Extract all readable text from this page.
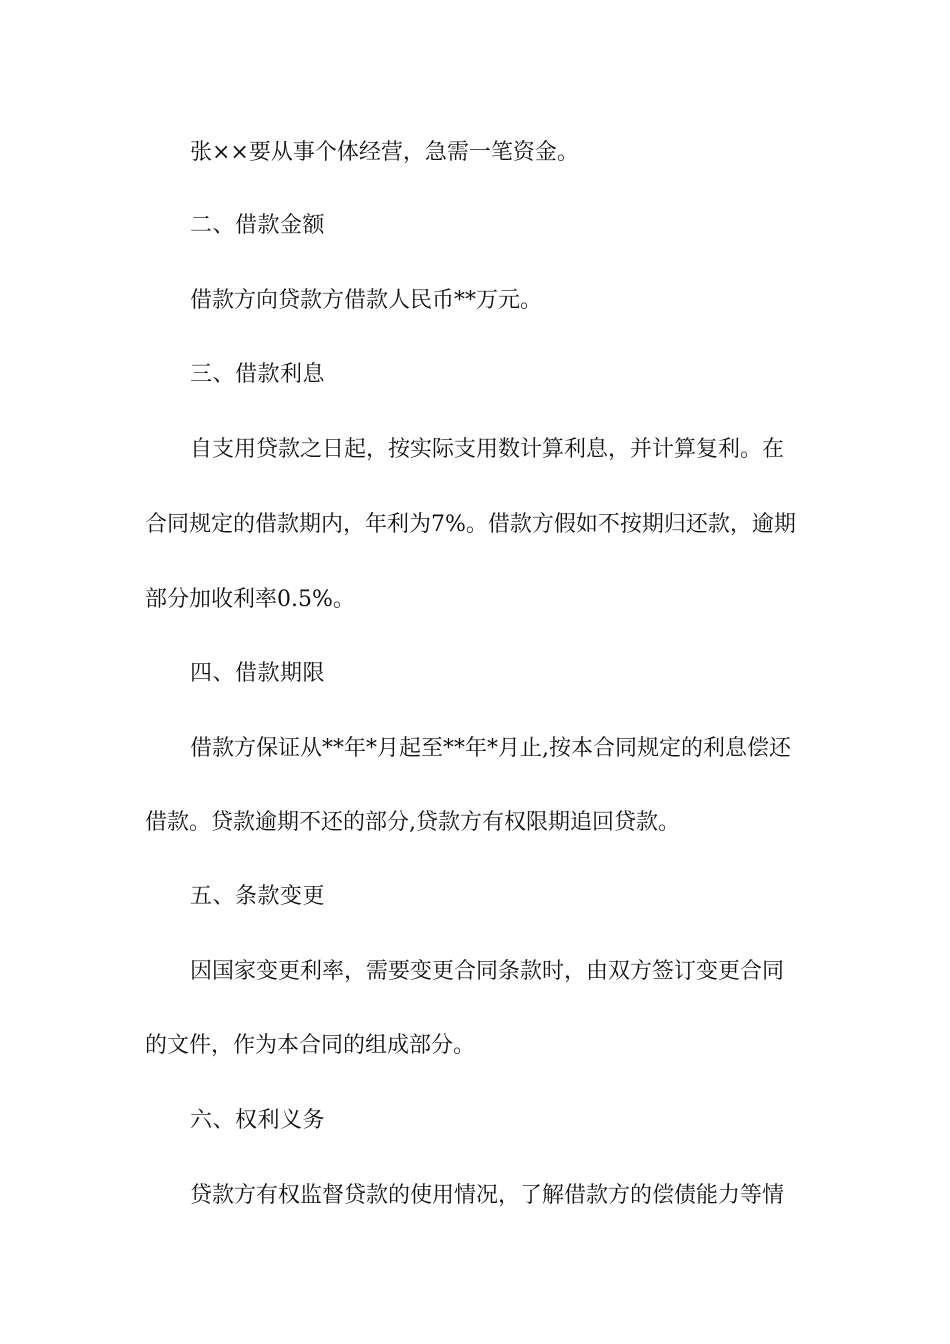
张××要从事个体经营，急需一笔资金。
二、借款金额
借款方向贷款方借款人民币**万元。
三、借款利息
自支用贷款之日起，按实际支用数计算利息，并计算复利。在
合同规定的借款期内，年利为7%。借款方假如不按期归还款，逾期
部分加收利率0.5%。
四、借款期限
借款方保证从**年*月起至**年*月止,按本合同规定的利息偿还
借款。贷款逾期不还的部分,贷款方有权限期追回贷款。
五、条款变更
因国家变更利率，需要变更合同条款时，由双方签订变更合同
的文件，作为本合同的组成部分。
六、权利义务
贷款方有权监督贷款的使用情况，了解借款方的偿债能力等情
